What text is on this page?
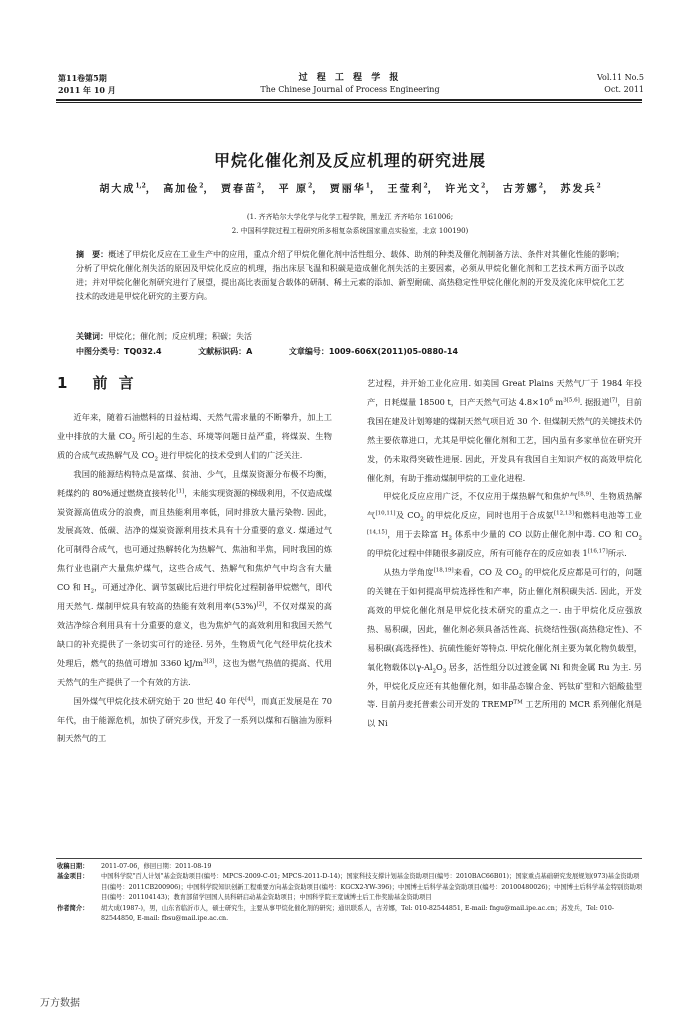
第11卷第5期
2011 年 10 月
过 程 工 程 学 报
The Chinese Journal of Process Engineering
Vol.11 No.5
Oct. 2011
甲烷化催化剂及反应机理的研究进展
胡大成$^{1,2}$， 高加俭$^2$， 贾春苗$^2$， 平 原$^2$， 贾丽华$^1$， 王莹利$^2$， 许光文$^2$， 古芳娜$^2$， 苏发兵$^2$
(1. 齐齐哈尔大学化学与化学工程学院，黑龙江 齐齐哈尔 161006;
2. 中国科学院过程工程研究所多相复杂系统国家重点实验室，北京 100190)
摘　要：概述了甲烷化反应在工业生产中的应用，重点介绍了甲烷化催化剂中活性组分、载体、助剂的种类及催化剂制备方法、条件对其催化性能的影响；分析了甲烷化催化剂失活的原因及甲烷化反应的机理，指出床层飞温和积碳是造成催化剂失活的主要因素，必须从甲烷化催化剂和工艺技术两方面予以改进；并对甲烷化催化剂研究进行了展望，提出高比表面复合载体的研制、稀土元素的添加、新型耐硫、高热稳定性甲烷化催化剂的开发及流化床甲烷化工艺技术的改进是甲烷化研究的主要方向。
关键词：甲烷化；催化剂；反应机理；积碳；失活
中图分类号：TQ032.4	文献标识码：A	文章编号：1009-606X(2011)05-0880-14
1 前 言

近年来，随着石油燃料的日益枯竭、天然气需求量的不断攀升，加上工业中排放的大量 $CO_2$ 所引起的生态、环境等问题日益严重，将煤炭、生物质的合成气或热解气及 $CO_2$ 进行甲烷化的技术受到人们的广泛关注.

我国的能源结构特点是富煤、贫油、少气，且煤炭资源分布极不均衡，耗煤约的 80%通过燃烧直接转化[1]，未能实现资源的梯级利用，不仅造成煤炭资源高值成分的浪费，而且热能利用率低，同时排放大量污染物. 因此，发展高效、低碳、洁净的煤炭资源利用技术具有十分重要的意义. 煤通过气化可制得合成气，也可通过热解转化为热解气、焦油和半焦，同时我国的炼焦行业也副产大量焦炉煤气，这些合成气、热解气和焦炉气中均含有大量 CO 和 $H_2$，可通过净化、调节氢碳比后进行甲烷化过程制备甲烷燃气，即代用天然气. 煤制甲烷具有较高的热能有效利用率(53%)[2]，不仅对煤炭的高效洁净综合利用具有十分重要的意义，也为焦炉气的高效利用和我国天然气缺口的补充提供了一条切实可行的途径. 另外，生物质气化气经甲烷化技术处理后，燃气的热值可增加 3360 $kJ/m^{3[3]}$，这也为燃气热值的提高、代用天然气的生产提供了一个有效的方法.

国外煤气甲烷化技术研究始于 20 世纪 40 年代[4]，而真正发展是在 70 年代，由于能源危机，加快了研究步伐，开发了一系列以煤和石脑油为原料制天然气的工

艺过程，并开始工业化应用. 如美国 Great Plains 天然气厂于 1984 年投产，日耗煤量 18500 t，日产天然气可达 $4.8\times 10^6$ $m^{3[5,6]}$. 据报道[7]，目前我国在建及计划筹建的煤制天然气项目近 30 个. 但煤制天然气的关键技术仍然主要依靠进口，尤其是甲烷化催化剂和工艺，国内虽有多家单位在研究开发，仍未取得突破性进展. 因此，开发具有我国自主知识产权的高效甲烷化催化剂，有助于推动煤制甲烷的工业化进程.

甲烷化反应应用广泛，不仅应用于煤热解气和焦炉气[8,9]、生物质热解气[10,11]及 $CO_2$ 的甲烷化反应，同时也用于合成氨[12,13]和燃料电池等工业[14,15]，用于去除富 $H_2$ 体系中少量的 CO 以防止催化剂中毒. CO 和 $CO_2$ 的甲烷化过程中伴随很多副反应，所有可能存在的反应如表 1[16,17]所示.

从热力学角度[18,19]来看，CO 及 $CO_2$ 的甲烷化反应都是可行的，问题的关键在于如何提高甲烷选择性和产率，防止催化剂积碳失活. 因此，开发高效的甲烷化催化剂是甲烷化技术研究的重点之一. 由于甲烷化反应强放热、易积碳，因此，催化剂必须具备活性高、抗烧结性强(高热稳定性)、不易积碳(高选择性)、抗硫性能好等特点. 甲烷化催化剂主要为氧化物负载型，氧化物载体以$\gamma-Al_2O_3$ 居多，活性组分以过渡金属 Ni 和贵金属 Ru 为主. 另外，甲烷化反应还有其他催化剂，如非晶态镍合金、钙钛矿型和六铝酸盐型等. 目前丹麦托普索公司开发的 TREMP™ 工艺所用的 MCR 系列催化剂是以 Ni

收稿日期：	2011-07-06，修回日期：2011-08-19
基金项目：	中国科学院"百人计划"基金资助项目(编号：MPCS-2009-C-01; MPCS-2011-D-14)；国家科技支撑计划基金资助项目(编号：2010BAC66B01)；国家重点基础研究发展规划(973)基金资助项目(编号：2011CB200906)；中国科学院知识创新工程重要方向基金资助项目(编号：KGCX2-YW-396)；中国博士后科学基金资助项目(编号：20100480026)；中国博士后科学基金特别资助项目(编号：201104143)；教育部留学回国人员科研启动基金资助项目；中国科学院王宽诚博士后工作奖励基金资助项目
作者简介：	胡大成(1987-)，男，山东省临沂市人，硕士研究生，主要从事甲烷化催化剂的研究；通讯联系人，古芳娜，Tel: 010-82544851, E-mail: fngu@mail.ipe.ac.cn；苏发兵，Tel: 010-82544850, E-mail: fbsu@mail.ipe.ac.cn.
万方数据
